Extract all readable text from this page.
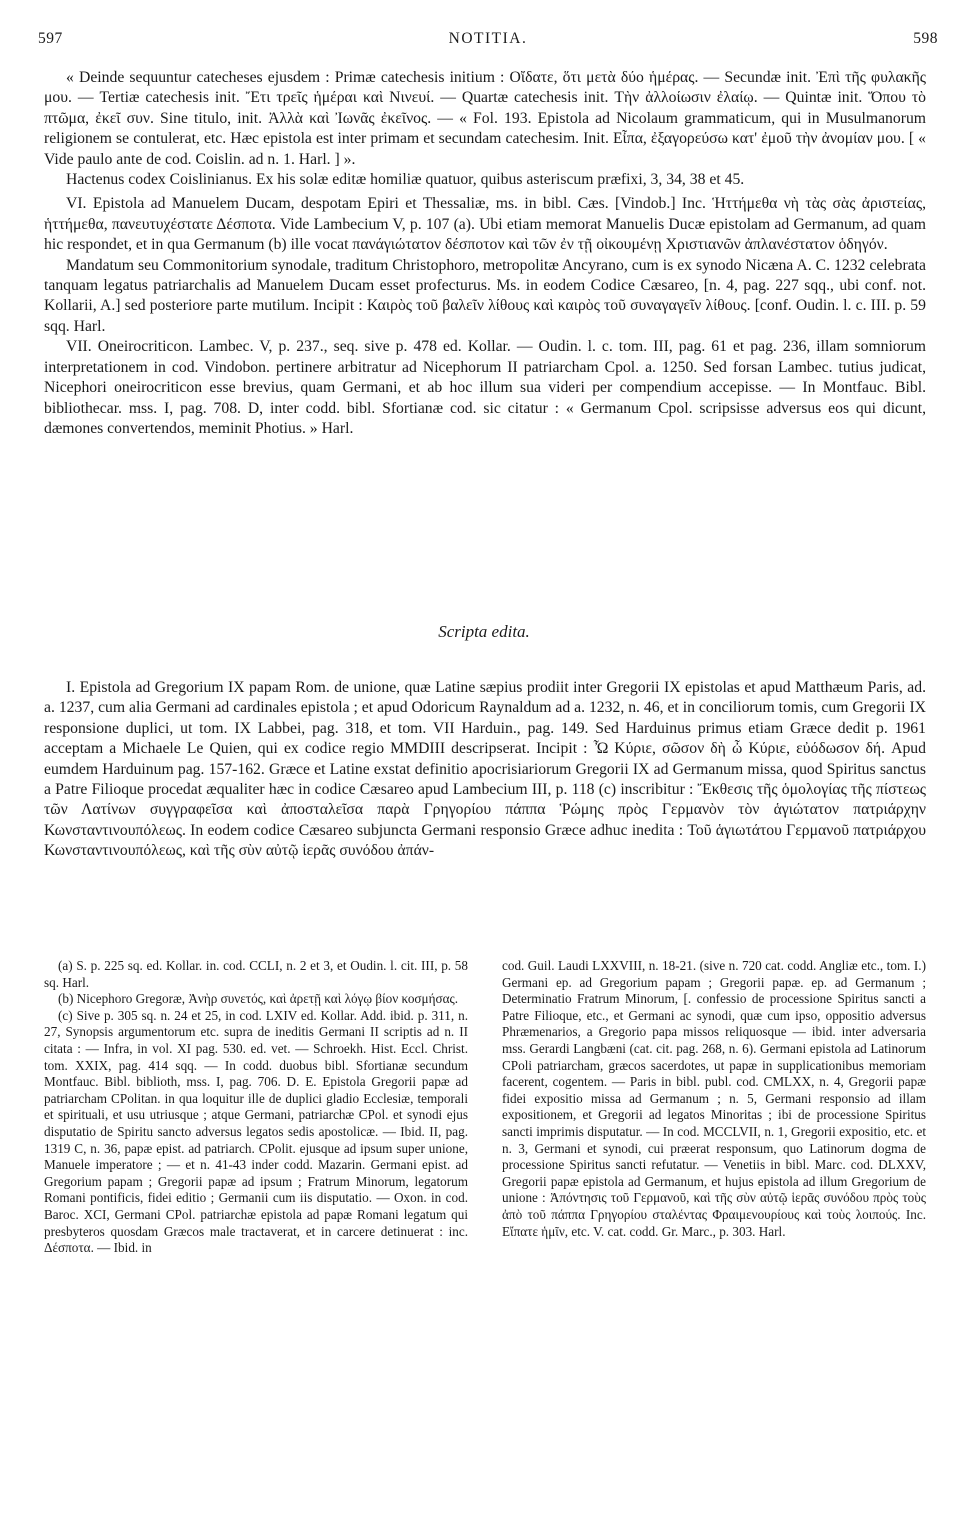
597	NOTITIA.	598

« Deinde sequuntur catecheses ejusdem : Primæ catechesis initium : Οἴδατε, ὅτι μετὰ δύο ἡμέρας. — Secundæ init. Ἐπὶ τῆς φυλακῆς μου. — Tertiæ catechesis init. Ἔτι τρεῖς ἡμέραι καὶ Νινευί. — Quartæ catechesis init. Τὴν ἀλλοίωσιν ἐλαίῳ. — Quintæ init. Ὅπου τὸ πτῶμα, ἐκεῖ συν. Sine titulo, init. Ἀλλὰ καὶ Ἰωνᾶς ἐκεῖνος. — « Fol. 193. Epistola ad Nicolaum grammaticum, qui in Musulmanorum religionem se contulerat, etc. Hæc epistola est inter primam et secundam catechesim. Init. Εἶπα, ἐξαγορεύσω κατ' ἐμοῦ τὴν ἀνομίαν μου. [ « Vide paulo ante de cod. Coislin. ad n. 1. Harl. ] ».

Hactenus codex Coislinianus. Ex his solæ editæ homiliæ quatuor, quibus asteriscum præfixi, 3, 34, 38 et 45.

VI. Epistola ad Manuelem Ducam, despotam Epiri et Thessaliæ, ms. in bibl. Cæs. [Vindob.] Inc. Ἡττήμεθα νὴ τὰς σὰς ἀριστείας, ἡττήμεθα, πανευτυχέστατε Δέσποτα. Vide Lambecium V, p. 107 (a). Ubi etiam memorat Manuelis Ducæ epistolam ad Germanum, ad quam hic respondet, et in qua Germanum (b) ille vocat πανάγιώτατον δέσποτον καὶ τῶν ἐν τῇ οἰκουμένῃ Χριστιανῶν ἀπλανέστατον ὁδηγόν.

Mandatum seu Commonitorium synodale, traditum Christophoro, metropolitæ Ancyrano, cum is ex synodo Nicæna A. C. 1232 celebrata tanquam legatus patriarchalis ad Manuelem Ducam esset profecturus. Ms. in eodem Codice Cæsareo, [n. 4, pag. 227 sqq., ubi conf. not. Kollarii, A.] sed posteriore parte mutilum. Incipit : Καιρὸς τοῦ βαλεῖν λίθους καὶ καιρὸς τοῦ συναγαγεῖν λίθους. [conf. Oudin. l. c. III. p. 59 sqq. Harl.

VII. Oneirocriticon. Lambec. V, p. 237., seq. sive p. 478 ed. Kollar. — Oudin. l. c. tom. III, pag. 61 et pag. 236, illam somniorum interpretationem in cod. Vindobon. pertinere arbitratur ad Nicephorum II patriarcham Cpol. a. 1250. Sed forsan Lambec. tutius judicat, Nicephori oneirocriticon esse brevius, quam Germani, et ab hoc illum sua videri per compendium accepisse. — In Montfauc. Bibl. bibliothecar. mss. I, pag. 708. D, inter codd. bibl. Sfortianæ cod. sic citatur : « Germanum Cpol. scripsisse adversus eos qui dicunt, dæmones convertendos, meminit Photius. » Harl.

Scripta edita.

I. Epistola ad Gregorium IX papam Rom. de unione, quæ Latine sæpius prodiit inter Gregorii IX epistolas et apud Matthæum Paris, ad. a. 1237, cum alia Germani ad cardinales epistola ; et apud Odoricum Raynaldum ad a. 1232, n. 46, et in conciliorum tomis, cum Gregorii IX responsione duplici, ut tom. IX Labbei, pag. 318, et tom. VII Harduin., pag. 149. Sed Harduinus primus etiam Græce dedit p. 1961 acceptam a Michaele Le Quien, qui ex codice regio MMDIII descripserat. Incipit : Ὦ Κύριε, σῶσον δὴ ὦ Κύριε, εὐόδωσον δή. Apud eumdem Harduinum pag. 157-162. Græce et Latine exstat definitio apocrisiariorum Gregorii IX ad Germanum missa, quod Spiritus sanctus a Patre Filioque procedat æqualiter hæc in codice Cæsareo apud Lambecium III, p. 118 (c) inscribitur : Ἔκθεσις τῆς ὁμολογίας τῆς πίστεως τῶν Λατίνων συγγραφεῖσα καὶ ἀποσταλεῖσα παρὰ Γρηγορίου πάππα Ῥώμης πρὸς Γερμανὸν τὸν ἁγιώτατον πατριάρχην Κωνσταντινουπόλεως. In eodem codice Cæsareo subjuncta Germani responsio Græce adhuc inedita : Τοῦ ἁγιωτάτου Γερμανοῦ πατριάρχου Κωνσταντινουπόλεως, καὶ τῆς σὺν αὐτῷ ἱερᾶς συνόδου ἀπάν-

(a) S. p. 225 sq. ed. Kollar. in. cod. CCLI, n. 2 et 3, et Oudin. l. cit. III, p. 58 sq. Harl.

(b) Nicephoro Gregoræ, Ἀνὴρ συνετός, καὶ ἀρετῇ καὶ λόγῳ βίον κοσμήσας.

(c) Sive p. 305 sq. n. 24 et 25, in cod. LXIV ed. Kollar. Add. ibid. p. 311, n. 27, Synopsis argumentorum etc. supra de ineditis Germani II scriptis ad n. II citata : — Infra, in vol. XI pag. 530. ed. vet. — Schroekh. Hist. Eccl. Christ. tom. XXIX, pag. 414 sqq. — In codd. duobus bibl. Sfortianæ secundum Montfauc. Bibl. biblioth, mss. I, pag. 706. D. E. Epistola Gregorii papæ ad patriarcham CPolitan. in qua loquitur ille de duplici gladio Ecclesiæ, temporali et spirituali, et usu utriusque ; atque Germani, patriarchæ CPol. et synodi ejus disputatio de Spiritu sancto adversus legatos sedis apostolicæ. — Ibid. II, pag. 1319 C, n. 36, papæ epist. ad patriarch. CPolit. ejusque ad ipsum super unione, Manuele imperatore ; — et n. 41-43 inder codd. Mazarin. Germani epist. ad Gregorium papam ; Gregorii papæ ad ipsum ; Fratrum Minorum, legatorum Romani pontificis, fidei editio ; Germanii cum iis disputatio. — Oxon. in cod. Baroc. XCI, Germani CPol. patriarchæ epistola ad papæ Romani legatum qui presbyteros quosdam Græcos male tractaverat, et in carcere detinuerat : inc. Δέσποτα. — Ibid. in

cod. Guil. Laudi LXXVIII, n. 18-21. (sive n. 720 cat. codd. Angliæ etc., tom. I.) Germani ep. ad Gregorium papam ; Gregorii papæ. ep. ad Germanum ; Determinatio Fratrum Minorum, [. confessio de processione Spiritus sancti a Patre Filioque, etc., et Germani ac synodi, quæ cum ipso, oppositio adversus Phræmenarios, a Gregorio papa missos reliquosque — ibid. inter adversaria mss. Gerardi Langbæni (cat. cit. pag. 268, n. 6). Germani epistola ad Latinorum CPoli patriarcham, græcos sacerdotes, ut papæ in supplicationibus memoriam facerent, cogentem. — Paris in bibl. publ. cod. CMLXX, n. 4, Gregorii papæ fidei expositio missa ad Germanum ; n. 5, Germani responsio ad illam expositionem, et Gregorii ad legatos Minoritas ; ibi de processione Spiritus sancti imprimis disputatur. — In cod. MCCLVII, n. 1, Gregorii expositio, etc. et n. 3, Germani et synodi, cui præerat responsum, quo Latinorum dogma de processione Spiritus sancti refutatur. — Venetiis in bibl. Marc. cod. DLXXV, Gregorii papæ epistola ad Germanum, et hujus epistola ad illum Gregorium de unione : Ἀπόντησις τοῦ Γερμανοῦ, καὶ τῆς σὺν αὐτῷ ἱερᾶς συνόδου πρὸς τοὺς ἀπὸ τοῦ πάππα Γρηγορίου σταλέντας Φραιμενουρίους καὶ τοὺς λοιπούς. Inc. Εἴπατε ἡμῖν, etc. V. cat. codd. Gr. Marc., p. 303. Harl.
